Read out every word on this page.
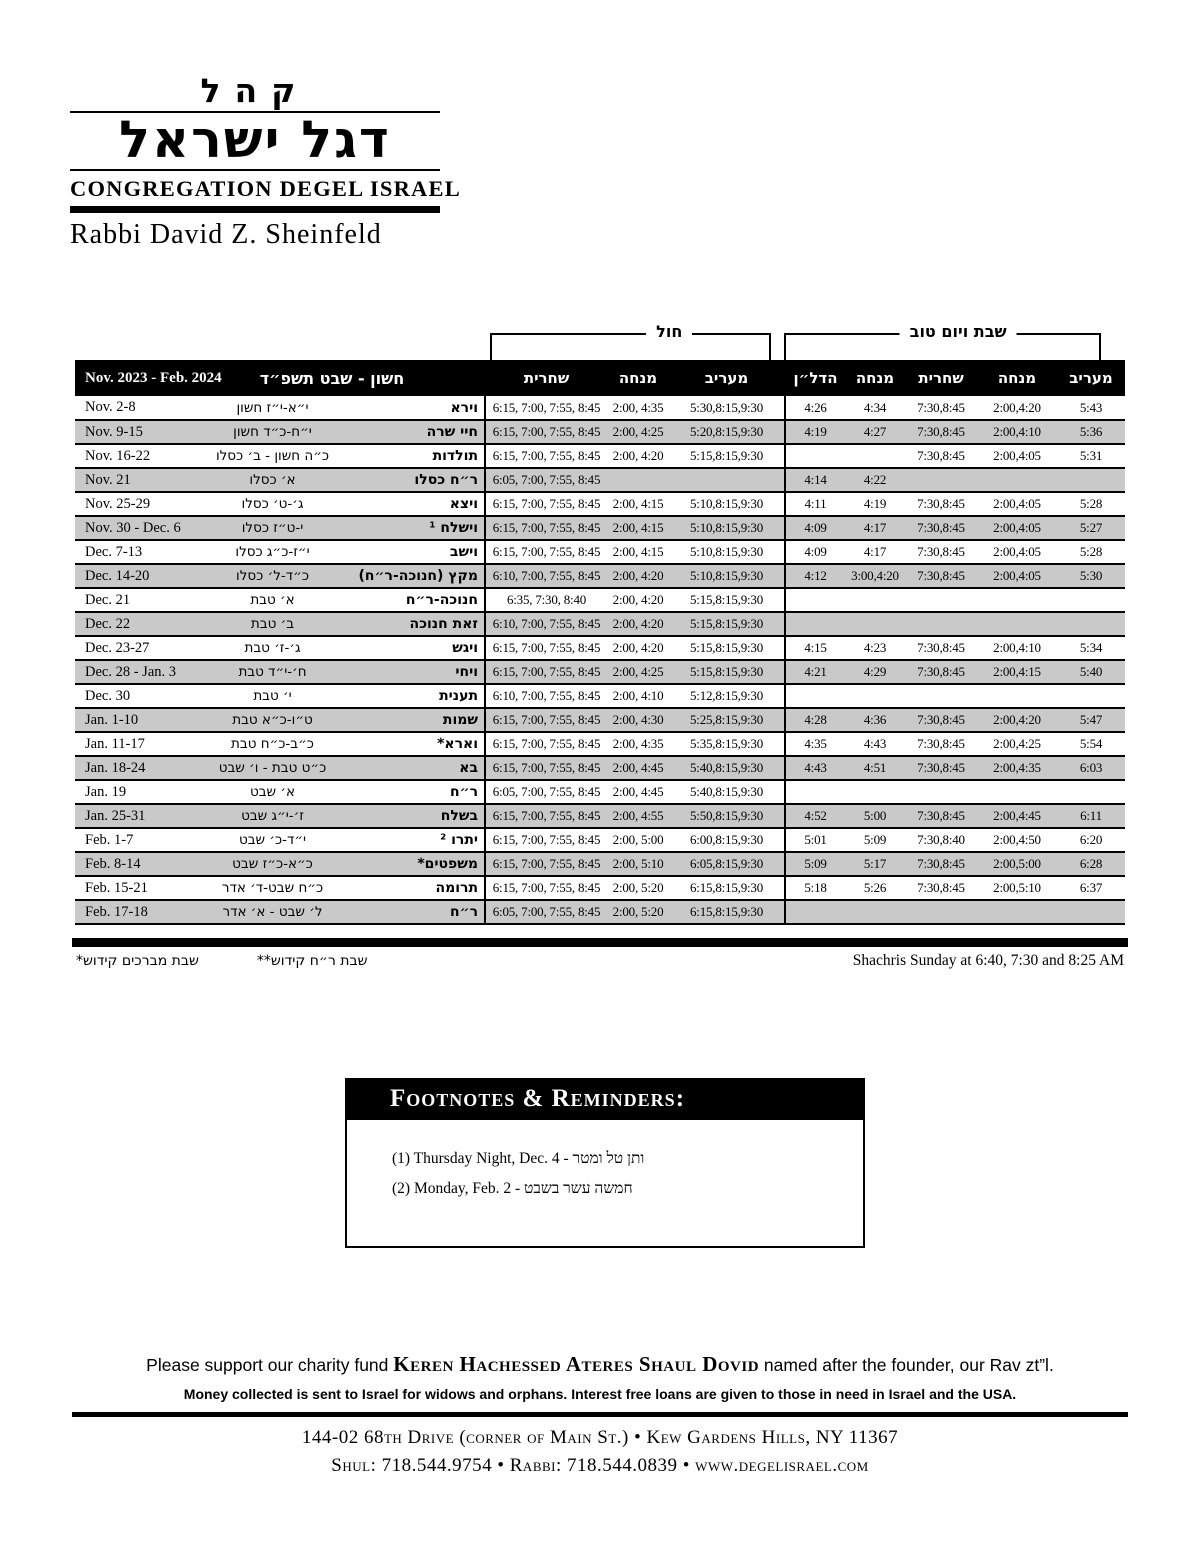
קהל
דגל ישראל
CONGREGATION DEGEL ISRAEL
Rabbi David Z. Sheinfeld
חול	שבת ויום טוב
Nov. 2023 - Feb. 2024	חשון - שבט תשפ״ד		שחרית	מנחה	מעריב	הדל״ן	מנחה	שחרית	מנחה	מעריב
Nov. 2-8	י״א-י״ז חשון	וירא	6:15, 7:00, 7:55, 8:45	2:00, 4:35	5:30,8:15,9:30	4:26	4:34	7:30,8:45	2:00,4:20	5:43
Nov. 9-15	י״ח-כ״ד חשון	חיי שרה	6:15, 7:00, 7:55, 8:45	2:00, 4:25	5:20,8:15,9:30	4:19	4:27	7:30,8:45	2:00,4:10	5:36
Nov. 16-22	כ״ה חשון - ב׳ כסלו	תולדות	6:15, 7:00, 7:55, 8:45	2:00, 4:20	5:15,8:15,9:30			7:30,8:45	2:00,4:05	5:31
Nov. 21	א׳ כסלו	ר״ח כסלו	6:05, 7:00, 7:55, 8:45			4:14	4:22			
Nov. 25-29	ג׳-ט׳ כסלו	ויצא	6:15, 7:00, 7:55, 8:45	2:00, 4:15	5:10,8:15,9:30	4:11	4:19	7:30,8:45	2:00,4:05	5:28
Nov. 30 - Dec. 6	י-ט״ז כסלו	וישלח ¹	6:15, 7:00, 7:55, 8:45	2:00, 4:15	5:10,8:15,9:30	4:09	4:17	7:30,8:45	2:00,4:05	5:27
Dec. 7-13	י״ז-כ״ג כסלו	וישב	6:15, 7:00, 7:55, 8:45	2:00, 4:15	5:10,8:15,9:30	4:09	4:17	7:30,8:45	2:00,4:05	5:28
Dec. 14-20	כ״ד-ל׳ כסלו	מקץ (חנוכה-ר״ח)	6:10, 7:00, 7:55, 8:45	2:00, 4:20	5:10,8:15,9:30	4:12	3:00,4:20	7:30,8:45	2:00,4:05	5:30
Dec. 21	א׳ טבת	חנוכה-ר״ח	6:35, 7:30, 8:40	2:00, 4:20	5:15,8:15,9:30					
Dec. 22	ב׳ טבת	זאת חנוכה	6:10, 7:00, 7:55, 8:45	2:00, 4:20	5:15,8:15,9:30					
Dec. 23-27	ג׳-ז׳ טבת	ויגש	6:15, 7:00, 7:55, 8:45	2:00, 4:20	5:15,8:15,9:30	4:15	4:23	7:30,8:45	2:00,4:10	5:34
Dec. 28 - Jan. 3	ח׳-י״ד טבת	ויחי	6:15, 7:00, 7:55, 8:45	2:00, 4:25	5:15,8:15,9:30	4:21	4:29	7:30,8:45	2:00,4:15	5:40
Dec. 30	י׳ טבת	תענית	6:10, 7:00, 7:55, 8:45	2:00, 4:10	5:12,8:15,9:30					
Jan. 1-10	ט״ו-כ״א טבת	שמות	6:15, 7:00, 7:55, 8:45	2:00, 4:30	5:25,8:15,9:30	4:28	4:36	7:30,8:45	2:00,4:20	5:47
Jan. 11-17	כ״ב-כ״ח טבת	וארא*	6:15, 7:00, 7:55, 8:45	2:00, 4:35	5:35,8:15,9:30	4:35	4:43	7:30,8:45	2:00,4:25	5:54
Jan. 18-24	כ״ט טבת - ו׳ שבט	בא	6:15, 7:00, 7:55, 8:45	2:00, 4:45	5:40,8:15,9:30	4:43	4:51	7:30,8:45	2:00,4:35	6:03
Jan. 19	א׳ שבט	ר״ח	6:05, 7:00, 7:55, 8:45	2:00, 4:45	5:40,8:15,9:30					
Jan. 25-31	ז׳-י״ג שבט	בשלח	6:15, 7:00, 7:55, 8:45	2:00, 4:55	5:50,8:15,9:30	4:52	5:00	7:30,8:45	2:00,4:45	6:11
Feb. 1-7	י״ד-כ׳ שבט	יתרו ²	6:15, 7:00, 7:55, 8:45	2:00, 5:00	6:00,8:15,9:30	5:01	5:09	7:30,8:40	2:00,4:50	6:20
Feb. 8-14	כ״א-כ״ז שבט	משפטים*	6:15, 7:00, 7:55, 8:45	2:00, 5:10	6:05,8:15,9:30	5:09	5:17	7:30,8:45	2:00,5:00	6:28
Feb. 15-21	כ״ח שבט-ד׳ אדר	תרומה	6:15, 7:00, 7:55, 8:45	2:00, 5:20	6:15,8:15,9:30	5:18	5:26	7:30,8:45	2:00,5:10	6:37
Feb. 17-18	ל׳ שבט - א׳ אדר	ר״ח	6:05, 7:00, 7:55, 8:45	2:00, 5:20	6:15,8:15,9:30					
שבת מברכים קידוש*	שבת ר״ח קידוש**	Shachris Sunday at 6:40, 7:30 and 8:25 AM
Footnotes & Reminders:
(1) Thursday Night, Dec. 4 - ותן טל ומטר
(2) Monday, Feb. 2 - חמשה עשר בשבט
Please support our charity fund Keren Hachessed Ateres Shaul Dovid named after the founder, our Rav zt”l.
Money collected is sent to Israel for widows and orphans. Interest free loans are given to those in need in Israel and the USA.
144-02 68th Drive (corner of Main St.) • Kew Gardens Hills, NY 11367
Shul: 718.544.9754 • Rabbi: 718.544.0839 • www.degelisrael.com
